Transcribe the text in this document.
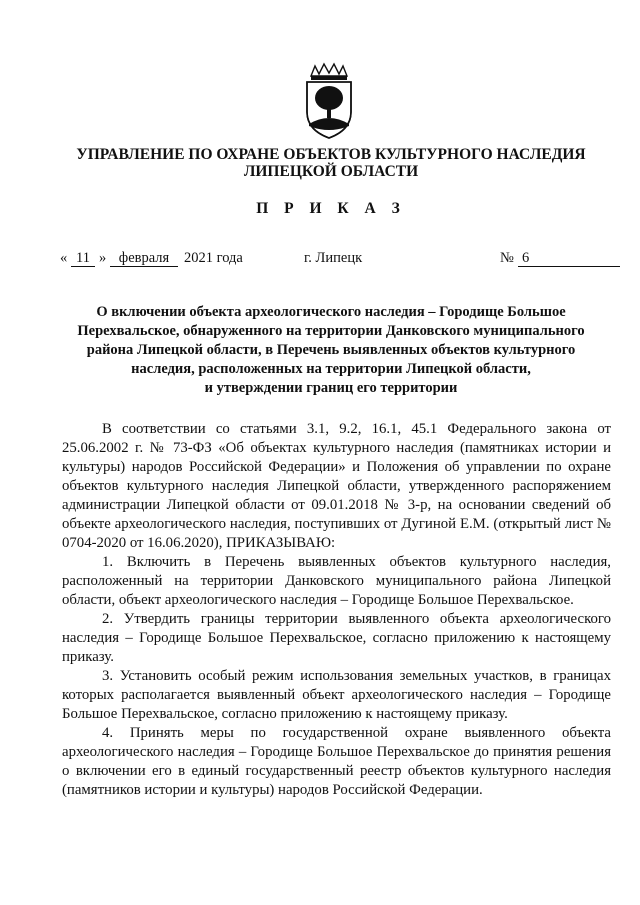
УПРАВЛЕНИЕ ПО ОХРАНЕ ОБЪЕКТОВ КУЛЬТУРНОГО НАСЛЕДИЯ
ЛИПЕЦКОЙ ОБЛАСТИ
П Р И К А З
« 11 » февраля	2021 года	г. Липецк	№ 6
О включении объекта археологического наследия – Городище Большое
Перехвальское, обнаруженного на территории Данковского муниципального
района Липецкой области, в Перечень выявленных объектов культурного
наследия, расположенных на территории Липецкой области,
и утверждении границ его территории

В соответствии со статьями 3.1, 9.2, 16.1, 45.1 Федерального закона от 25.06.2002 г. № 73-ФЗ «Об объектах культурного наследия (памятниках истории и культуры) народов Российской Федерации» и Положения об управлении по охране объектов культурного наследия Липецкой области, утвержденного распоряжением администрации Липецкой области от 09.01.2018 № 3-р, на основании сведений об объекте археологического наследия, поступивших от Дугиной Е.М. (открытый лист № 0704-2020 от 16.06.2020), ПРИКАЗЫВАЮ:

1. Включить в Перечень выявленных объектов культурного наследия, расположенный на территории Данковского муниципального района Липецкой области, объект археологического наследия – Городище Большое Перехвальское.

2. Утвердить границы территории выявленного объекта археологического наследия – Городище Большое Перехвальское, согласно приложению к настоящему приказу.

3. Установить особый режим использования земельных участков, в границах которых располагается выявленный объект археологического наследия – Городище Большое Перехвальское, согласно приложению к настоящему приказу.

4. Принять меры по государственной охране выявленного объекта археологического наследия – Городище Большое Перехвальское до принятия решения о включении его в единый государственный реестр объектов культурного наследия (памятников истории и культуры) народов Российской Федерации.
